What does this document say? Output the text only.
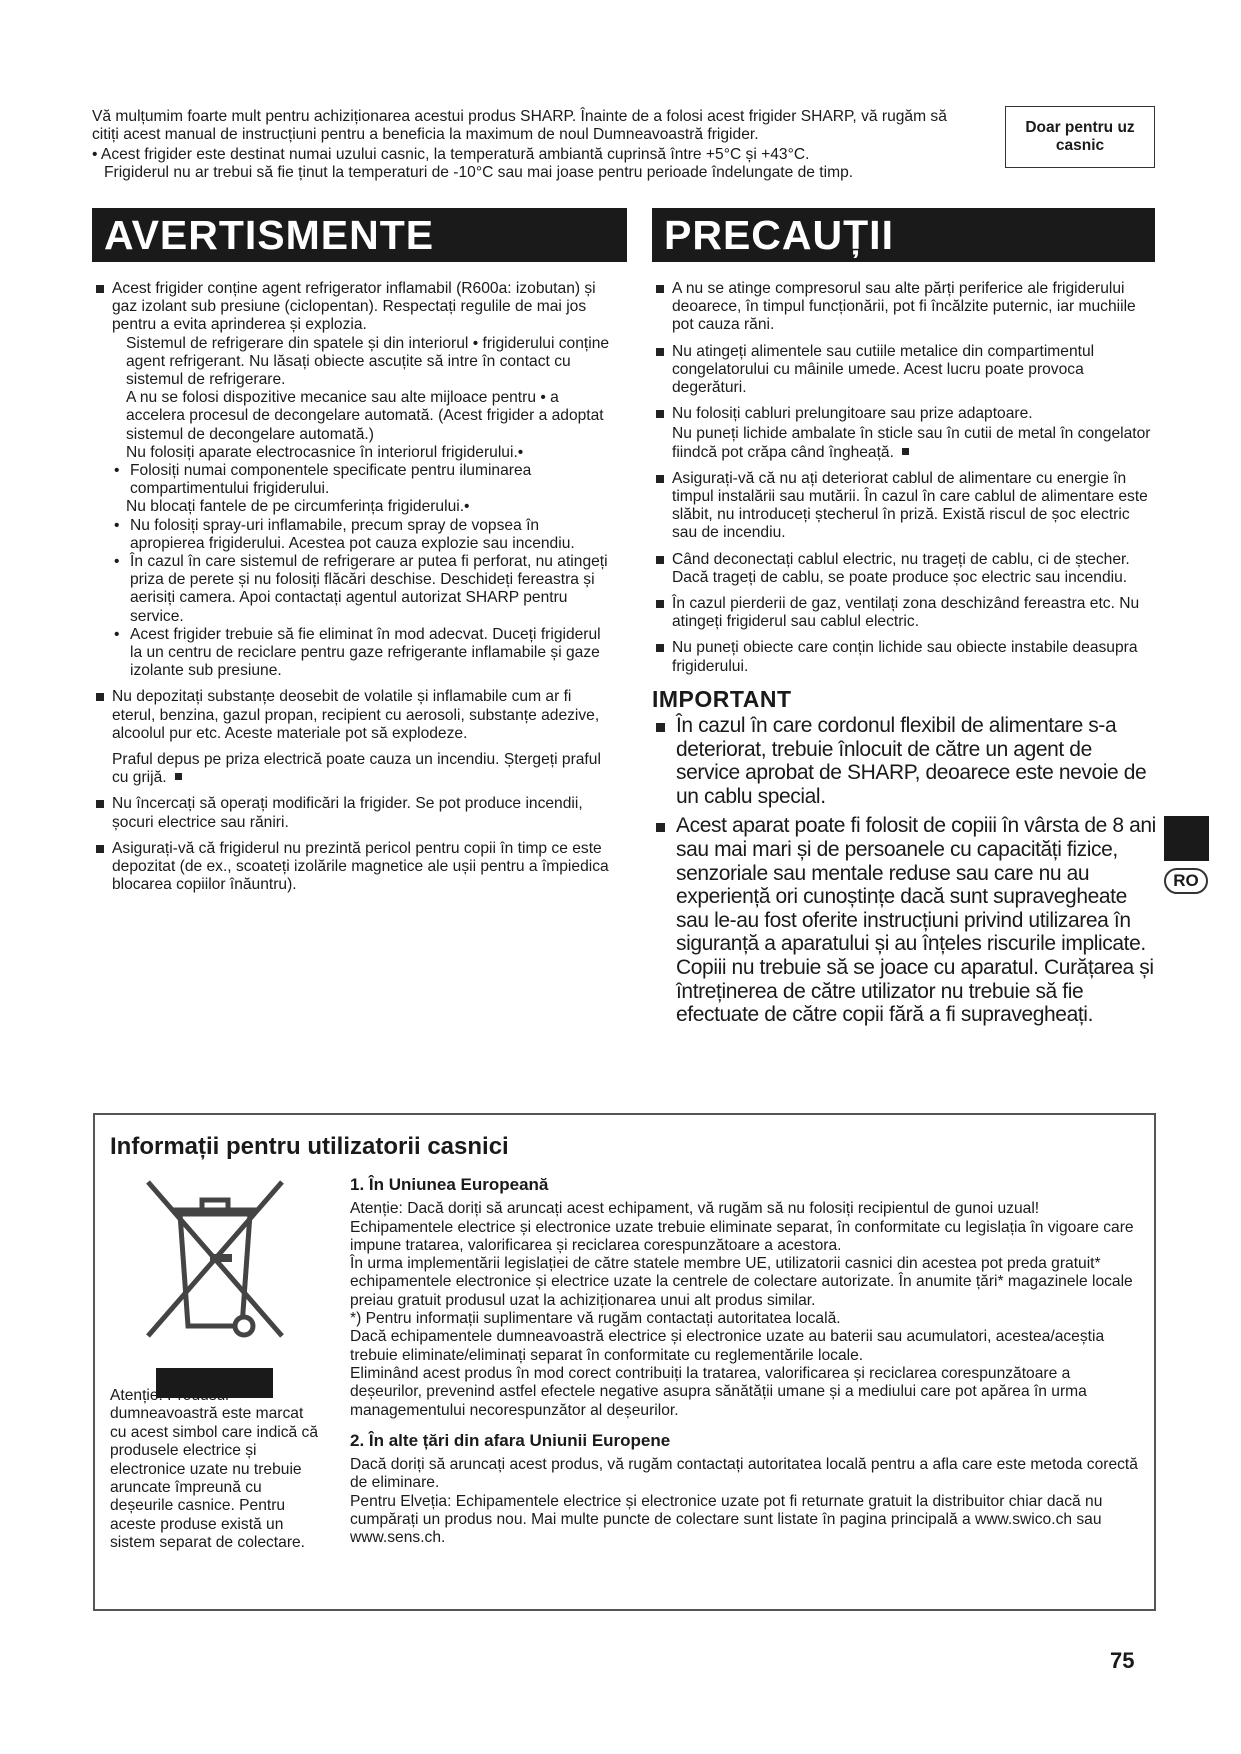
Vă mulțumim foarte mult pentru achiziționarea acestui produs SHARP. Înainte de a folosi acest frigider SHARP, vă rugăm să citiți acest manual de instrucțiuni pentru a beneficia la maximum de noul Dumneavoastră frigider.
• Acest frigider este destinat numai uzului casnic, la temperatură ambiantă cuprinsă între +5°C și +43°C.
Frigiderul nu ar trebui să fie ținut la temperaturi de -10°C sau mai joase pentru perioade îndelungate de timp.
Doar pentru uz casnic
AVERTISMENTE	PRECAUȚII
Acest frigider conține agent refrigerator inflamabil (R600a: izobutan) și gaz izolant sub presiune (ciclopentan). Respectați regulile de mai jos pentru a evita aprinderea și explozia.
Sistemul de refrigerare din spatele și din interiorul • frigiderului conține agent refrigerant. Nu lăsați obiecte ascuțite să intre în contact cu sistemul de refrigerare.
A nu se folosi dispozitive mecanice sau alte mijloace pentru • a accelera procesul de decongelare automată. (Acest frigider a adoptat sistemul de decongelare automată.)
Nu folosiți aparate electrocasnice în interiorul frigiderului.•
• Folosiți numai componentele specificate pentru iluminarea compartimentului frigiderului.
Nu blocați fantele de pe circumferința frigiderului.•
• Nu folosiți spray-uri inflamabile, precum spray de vopsea în apropierea frigiderului. Acestea pot cauza explozie sau incendiu.
• În cazul în care sistemul de refrigerare ar putea fi perforat, nu atingeți priza de perete și nu folosiți flăcări deschise. Deschideți fereastra și aerisiți camera. Apoi contactați agentul autorizat SHARP pentru service.
• Acest frigider trebuie să fie eliminat în mod adecvat. Duceți frigiderul la un centru de reciclare pentru gaze refrigerante inflamabile și gaze izolante sub presiune.
Nu depozitați substanțe deosebit de volatile și inflamabile cum ar fi eterul, benzina, gazul propan, recipient cu aerosoli, substanțe adezive, alcoolul pur etc. Aceste materiale pot să explodeze.
Praful depus pe priza electrică poate cauza un incendiu. Ștergeți praful cu grijă.
Nu încercați să operați modificări la frigider. Se pot produce incendii, șocuri electrice sau răniri.
Asigurați-vă că frigiderul nu prezintă pericol pentru copii în timp ce este depozitat (de ex., scoateți izolările magnetice ale ușii pentru a împiedica blocarea copiilor înăuntru).
A nu se atinge compresorul sau alte părți periferice ale frigiderului deoarece, în timpul funcționării, pot fi încălzite puternic, iar muchiile pot cauza răni.
Nu atingeți alimentele sau cutiile metalice din compartimentul congelatorului cu mâinile umede. Acest lucru poate provoca degerături.
Nu folosiți cabluri prelungitoare sau prize adaptoare.
Nu puneți lichide ambalate în sticle sau în cutii de metal în congelator fiindcă pot crăpa când îngheață.
Asigurați-vă că nu ați deteriorat cablul de alimentare cu energie în timpul instalării sau mutării. În cazul în care cablul de alimentare este slăbit, nu introduceți ștecherul în priză. Există riscul de șoc electric sau de incendiu.
Când deconectați cablul electric, nu trageți de cablu, ci de ștecher. Dacă trageți de cablu, se poate produce șoc electric sau incendiu.
În cazul pierderii de gaz, ventilați zona deschizând fereastra etc. Nu atingeți frigiderul sau cablul electric.
Nu puneți obiecte care conțin lichide sau obiecte instabile deasupra frigiderului.
IMPORTANT
În cazul în care cordonul flexibil de alimentare s-a deteriorat, trebuie înlocuit de către un agent de service aprobat de SHARP, deoarece este nevoie de un cablu special.
Acest aparat poate fi folosit de copiii în vârsta de 8 ani sau mai mari și de persoanele cu capacități fizice, senzoriale sau mentale reduse sau care nu au experiență ori cunoștințe dacă sunt supravegheate sau le-au fost oferite instrucțiuni privind utilizarea în siguranță a aparatului și au înțeles riscurile implicate. Copiii nu trebuie să se joace cu aparatul. Curățarea și întreținerea de către utilizator nu trebuie să fie efectuate de către copii fără a fi supravegheați.
RO
Informații pentru utilizatorii casnici
Atenție: Produsul dumneavoastră este marcat cu acest simbol care indică că produsele electrice și electronice uzate nu trebuie aruncate împreună cu deșeurile casnice. Pentru aceste produse există un sistem separat de colectare.
1. În Uniunea Europeană
Atenție: Dacă doriți să aruncați acest echipament, vă rugăm să nu folosiți recipientul de gunoi uzual! Echipamentele electrice și electronice uzate trebuie eliminate separat, în conformitate cu legislația în vigoare care impune tratarea, valorificarea și reciclarea corespunzătoare a acestora.
În urma implementării legislației de către statele membre UE, utilizatorii casnici din acestea pot preda gratuit* echipamentele electronice și electrice uzate la centrele de colectare autorizate. În anumite țări* magazinele locale preiau gratuit produsul uzat la achiziționarea unui alt produs similar.
*) Pentru informații suplimentare vă rugăm contactați autoritatea locală.
Dacă echipamentele dumneavoastră electrice și electronice uzate au baterii sau acumulatori, acestea/aceștia trebuie eliminate/eliminați separat în conformitate cu reglementările locale.
Eliminând acest produs în mod corect contribuiți la tratarea, valorificarea și reciclarea corespunzătoare a deșeurilor, prevenind astfel efectele negative asupra sănătății umane și a mediului care pot apărea în urma managementului necorespunzător al deșeurilor.
2. În alte țări din afara Uniunii Europene
Dacă doriți să aruncați acest produs, vă rugăm contactați autoritatea locală pentru a afla care este metoda corectă de eliminare.
Pentru Elveția: Echipamentele electrice și electronice uzate pot fi returnate gratuit la distribuitor chiar dacă nu cumpărați un produs nou. Mai multe puncte de colectare sunt listate în pagina principală a www.swico.ch sau www.sens.ch.
75
